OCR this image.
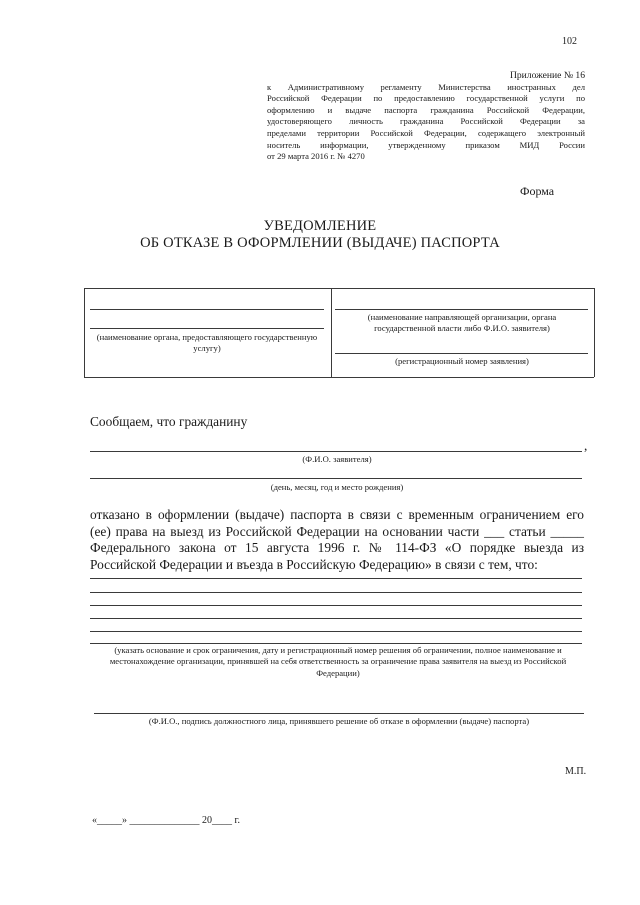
102
Приложение № 16
к Административному регламенту Министерства иностранных дел
Российской Федерации по предоставлению государственной услуги по
оформлению и выдаче паспорта гражданина Российской Федерации,
удостоверяющего личность гражданина Российской Федерации за
пределами территории Российской Федерации, содержащего электронный
носитель информации, утвержденному приказом МИД России
от 29 марта 2016 г. № 4270
Форма
УВЕДОМЛЕНИЕ
ОБ ОТКАЗЕ В ОФОРМЛЕНИИ (ВЫДАЧЕ) ПАСПОРТА
(наименование органа, предоставляющего государственную услугу)
(наименование направляющей организации, органа государственной власти либо Ф.И.О. заявителя)
(регистрационный номер заявления)
Сообщаем, что гражданину
,
(Ф.И.О. заявителя)
(день, месяц, год и место рождения)
отказано в оформлении (выдаче) паспорта в связи с временным ограничением его
(ее) права на выезд из Российской Федерации на основании части ___ статьи _____
Федерального закона от 15 августа 1996 г. № 114-ФЗ «О порядке выезда из
Российской Федерации и въезда в Российскую Федерацию» в связи с тем, что:
(указать основание и срок ограничения, дату и регистрационный номер решения об ограничении, полное наименование и местонахождение организации, принявшей на себя ответственность за ограничение права заявителя на выезд из Российской Федерации)
(Ф.И.О., подпись должностного лица, принявшего решение об отказе в оформлении (выдаче) паспорта)
М.П.
«_____» ______________ 20____ г.
